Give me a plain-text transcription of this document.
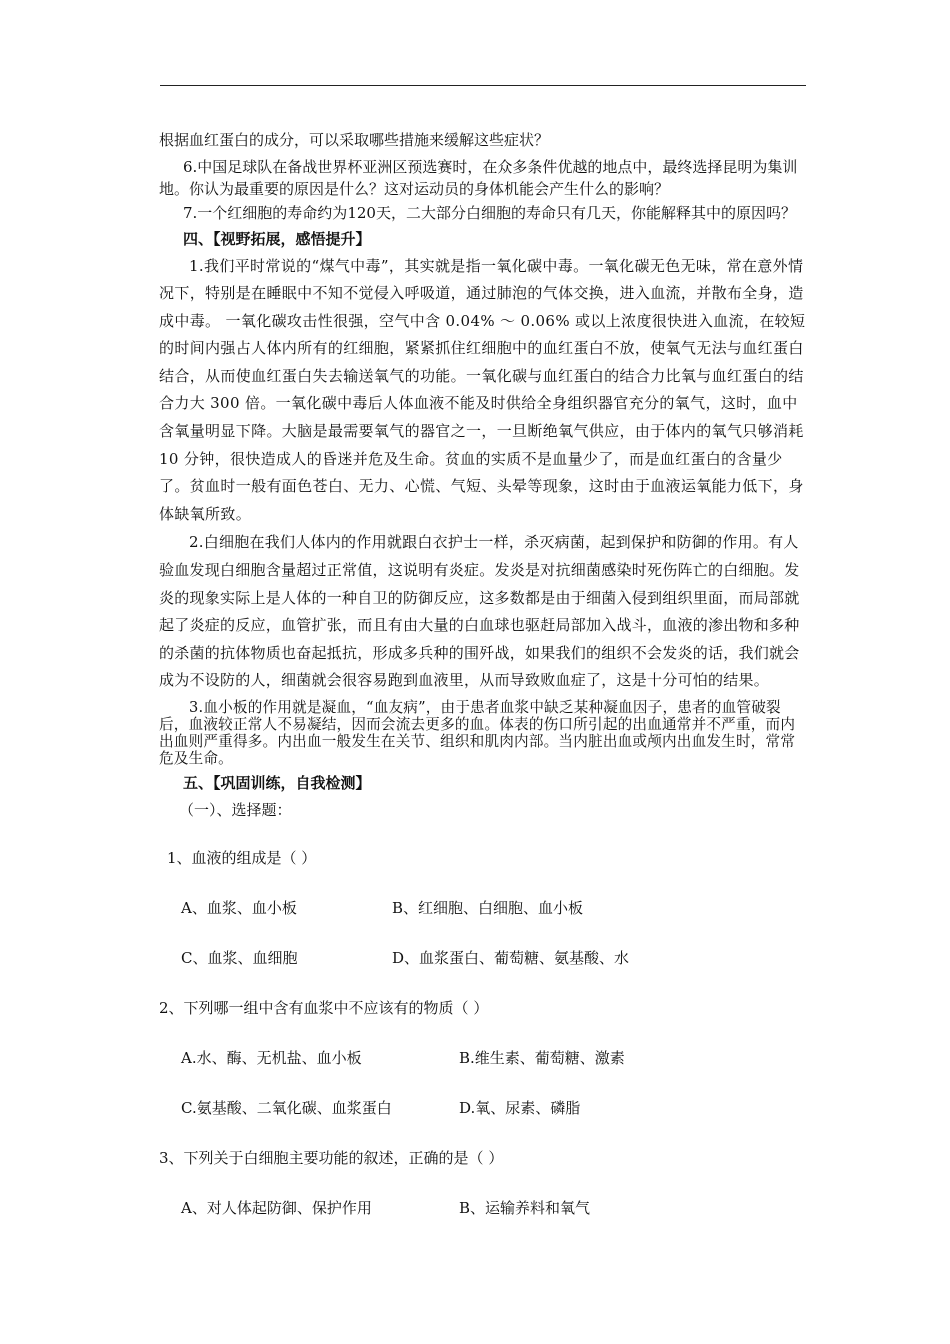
根据血红蛋白的成分，可以采取哪些措施来缓解这些症状？

6.中国足球队在备战世界杯亚洲区预选赛时，在众多条件优越的地点中，最终选择昆明为集训地。你认为最重要的原因是什么？这对运动员的身体机能会产生什么的影响？

7.一个红细胞的寿命约为120天，二大部分白细胞的寿命只有几天，你能解释其中的原因吗？

四、【视野拓展，感悟提升】

1.我们平时常说的“煤气中毒”，其实就是指一氧化碳中毒。一氧化碳无色无味，常在意外情况下，特别是在睡眠中不知不觉侵入呼吸道，通过肺泡的气体交换，进入血流，并散布全身，造成中毒。 一氧化碳攻击性很强，空气中含 0.04% ～ 0.06% 或以上浓度很快进入血流，在较短的时间内强占人体内所有的红细胞，紧紧抓住红细胞中的血红蛋白不放，使氧气无法与血红蛋白结合，从而使血红蛋白失去输送氧气的功能。一氧化碳与血红蛋白的结合力比氧与血红蛋白的结合力大 300 倍。一氧化碳中毒后人体血液不能及时供给全身组织器官充分的氧气，这时，血中含氧量明显下降。大脑是最需要氧气的器官之一，一旦断绝氧气供应，由于体内的氧气只够消耗 10 分钟，很快造成人的昏迷并危及生命。贫血的实质不是血量少了，而是血红蛋白的含量少了。贫血时一般有面色苍白、无力、心慌、气短、头晕等现象，这时由于血液运氧能力低下，身体缺氧所致。

2.白细胞在我们人体内的作用就跟白衣护士一样，杀灭病菌，起到保护和防御的作用。有人验血发现白细胞含量超过正常值，这说明有炎症。发炎是对抗细菌感染时死伤阵亡的白细胞。发炎的现象实际上是人体的一种自卫的防御反应，这多数都是由于细菌入侵到组织里面，而局部就起了炎症的反应，血管扩张，而且有由大量的白血球也驱赶局部加入战斗，血液的渗出物和多种的杀菌的抗体物质也奋起抵抗，形成多兵种的围歼战，如果我们的组织不会发炎的话，我们就会成为不设防的人，细菌就会很容易跑到血液里，从而导致败血症了，这是十分可怕的结果。

3.血小板的作用就是凝血，“血友病”，由于患者血浆中缺乏某种凝血因子，患者的血管破裂后，血液较正常人不易凝结，因而会流去更多的血。体表的伤口所引起的出血通常并不严重，而内出血则严重得多。内出血一般发生在关节、组织和肌肉内部。当内脏出血或颅内出血发生时，常常危及生命。

五、【巩固训练，自我检测】

（一）、选择题：

1、血液的组成是（ ）
A、血浆、血小板	B、红细胞、白细胞、血小板
C、血浆、血细胞	D、血浆蛋白、葡萄糖、氨基酸、水
2、下列哪一组中含有血浆中不应该有的物质（ ）
A.水、酶、无机盐、血小板	B.维生素、葡萄糖、激素
C.氨基酸、二氧化碳、血浆蛋白	D.氧、尿素、磷脂
3、下列关于白细胞主要功能的叙述，正确的是（ ）
A、对人体起防御、保护作用	B、运输养料和氧气
